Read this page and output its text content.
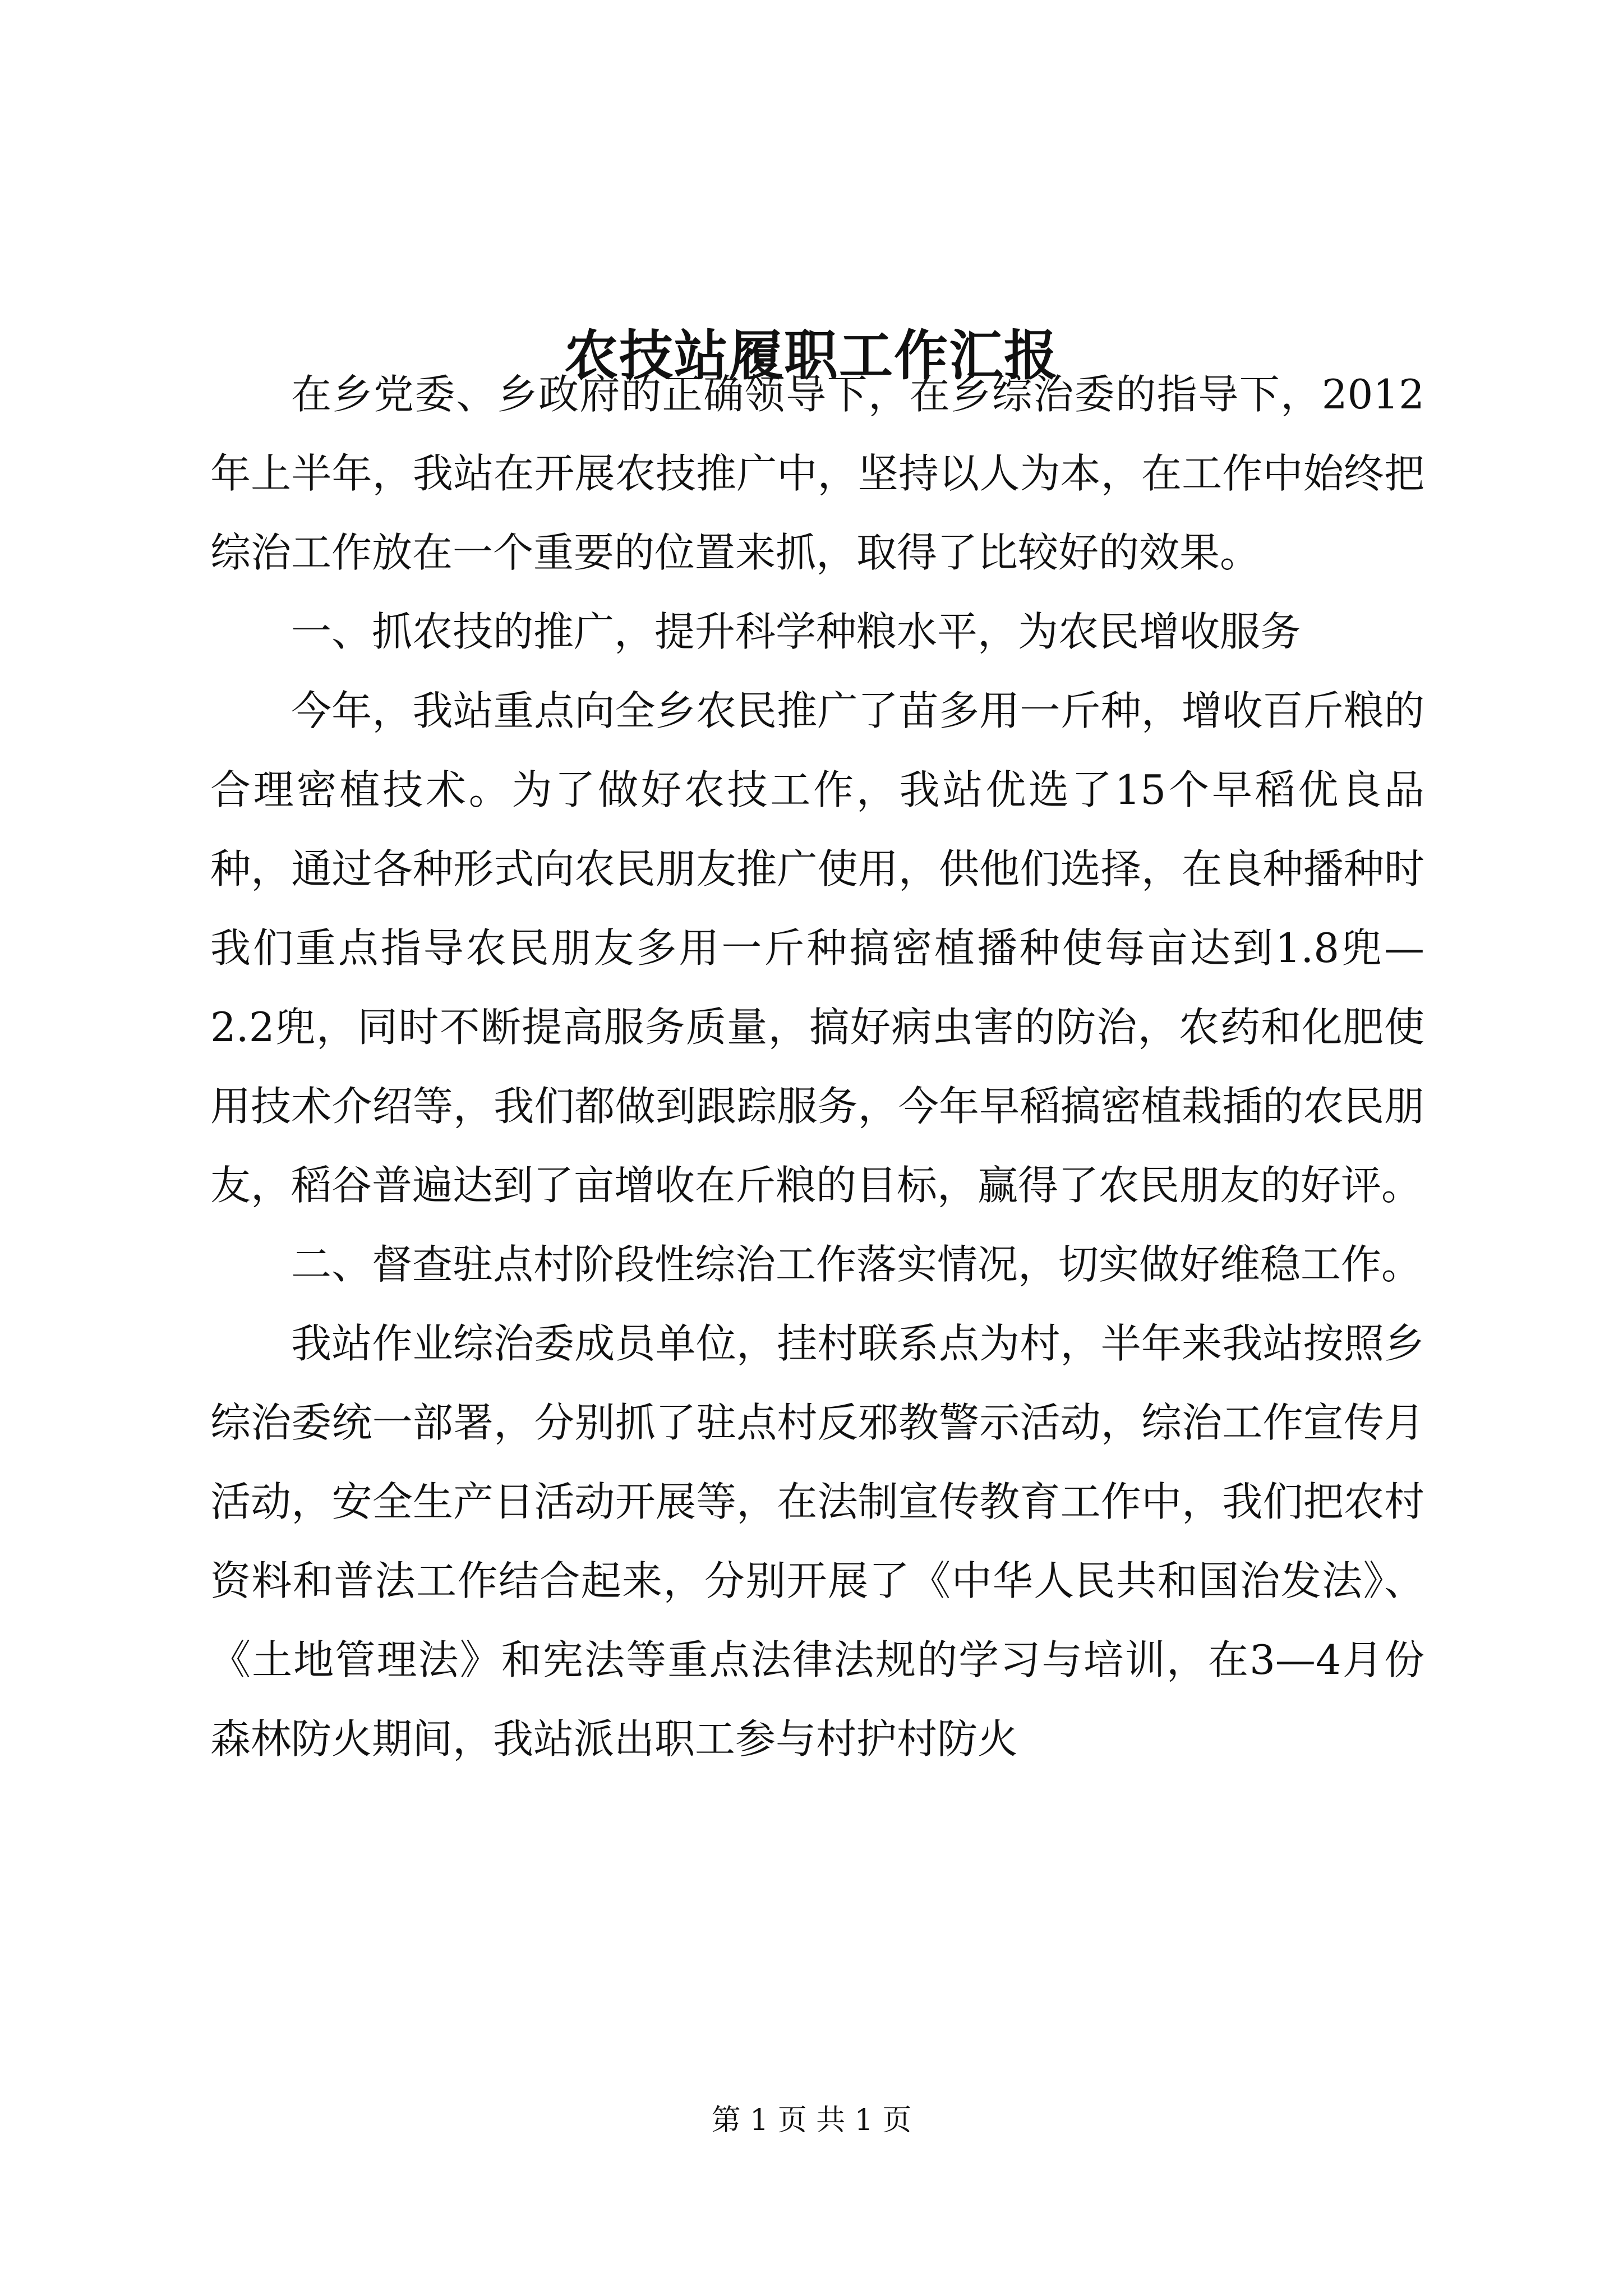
农技站履职工作汇报

在乡党委、乡政府的正确领导下，在乡综治委的指导下，2012年上半年，我站在开展农技推广中，坚持以人为本，在工作中始终把综治工作放在一个重要的位置来抓，取得了比较好的效果。

一、抓农技的推广，提升科学种粮水平，为农民增收服务

今年，我站重点向全乡农民推广了苗多用一斤种，增收百斤粮的合理密植技术。为了做好农技工作，我站优选了15个早稻优良品种，通过各种形式向农民朋友推广使用，供他们选择，在良种播种时我们重点指导农民朋友多用一斤种搞密植播种使每亩达到1.8兜—2.2兜，同时不断提高服务质量，搞好病虫害的防治，农药和化肥使用技术介绍等，我们都做到跟踪服务，今年早稻搞密植栽插的农民朋友，稻谷普遍达到了亩增收在斤粮的目标，赢得了农民朋友的好评。

二、督查驻点村阶段性综治工作落实情况，切实做好维稳工作。

我站作业综治委成员单位，挂村联系点为村，半年来我站按照乡综治委统一部署，分别抓了驻点村反邪教警示活动，综治工作宣传月活动，安全生产日活动开展等，在法制宣传教育工作中，我们把农村资料和普法工作结合起来，分别开展了《中华人民共和国治发法》、《土地管理法》和宪法等重点法律法规的学习与培训，在3—4月份森林防火期间，我站派出职工参与村护村防火

第 1 页 共 1 页
